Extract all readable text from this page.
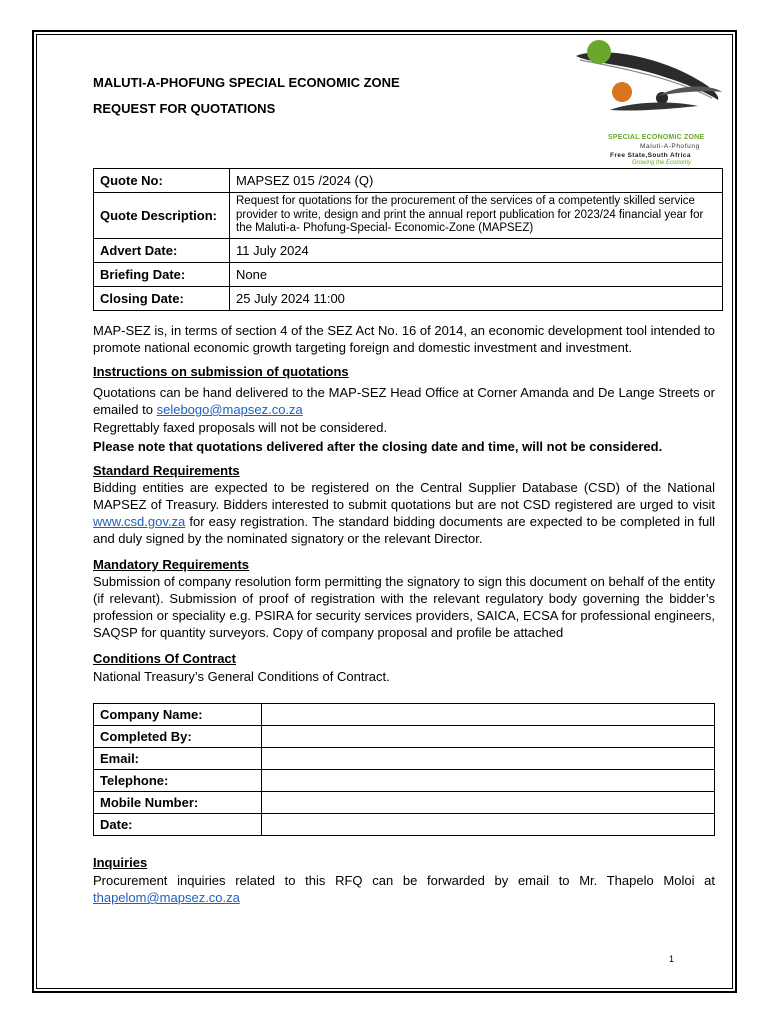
MALUTI-A-PHOFUNG SPECIAL ECONOMIC ZONE
REQUEST FOR QUOTATIONS
SPECIAL ECONOMIC ZONE
Maluti-A-Phofung
Free State,South Africa
Growing the Economy
Quote No:	MAPSEZ 015 /2024 (Q)
Quote Description:	Request for quotations for the procurement of the services of a competently skilled service provider to write, design and print the annual report publication for 2023/24 financial year for the Maluti-a- Phofung-Special- Economic-Zone (MAPSEZ)
Advert Date:	11 July 2024
Briefing Date:	None
Closing Date:	25 July 2024 11:00
MAP-SEZ is, in terms of section 4 of the SEZ Act No. 16 of 2014, an economic development tool intended to promote national economic growth targeting foreign and domestic investment and investment.
Instructions on submission of quotations
Quotations can be hand delivered to the MAP-SEZ Head Office at Corner Amanda and De Lange Streets or emailed to selebogo@mapsez.co.za
Regrettably faxed proposals will not be considered.
Please note that quotations delivered after the closing date and time, will not be considered.
Standard Requirements
Bidding entities are expected to be registered on the Central Supplier Database (CSD) of the National MAPSEZ of Treasury. Bidders interested to submit quotations but are not CSD registered are urged to visit www.csd.gov.za for easy registration. The standard bidding documents are expected to be completed in full and duly signed by the nominated signatory or the relevant Director.
Mandatory Requirements
Submission of company resolution form permitting the signatory to sign this document on behalf of the entity (if relevant). Submission of proof of registration with the relevant regulatory body governing the bidder’s profession or speciality e.g. PSIRA for security services providers, SAICA, ECSA for professional engineers, SAQSP for quantity surveyors. Copy of company proposal and profile be attached
Conditions Of Contract
National Treasury’s General Conditions of Contract.
Company Name:	
Completed By:	
Email:	
Telephone:	
Mobile Number:	
Date:	
Inquiries
Procurement inquiries related to this RFQ can be forwarded by email to Mr. Thapelo Moloi at thapelom@mapsez.co.za
1
